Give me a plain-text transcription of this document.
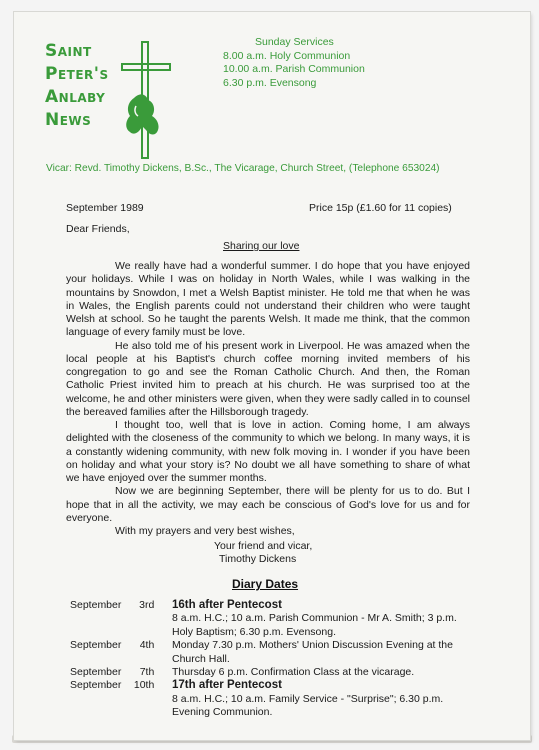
Saint
Peter's
Anlaby
News
Sunday Services
8.00 a.m. Holy Communion
10.00 a.m. Parish Communion
6.30 p.m. Evensong
Vicar: Revd. Timothy Dickens, B.Sc., The Vicarage, Church Street, (Telephone 653024)
September 1989	Price 15p (£1.60 for 11 copies)
Dear Friends,
Sharing our love

We really have had a wonderful summer. I do hope that you have enjoyed your holidays. While I was on holiday in North Wales, while I was walking in the mountains by Snowdon, I met a Welsh Baptist minister. He told me that when he was in Wales, the English parents could not understand their children who were taught Welsh at school. So he taught the parents Welsh. It made me think, that the common language of every family must be love.

He also told me of his present work in Liverpool. He was amazed when the local people at his Baptist's church coffee morning invited members of his congregation to go and see the Roman Catholic Church. And then, the Roman Catholic Priest invited him to preach at his church. He was surprised too at the welcome, he and other ministers were given, when they were sadly called in to counsel the bereaved families after the Hillsborough tragedy.

I thought too, well that is love in action. Coming home, I am always delighted with the closeness of the community to which we belong. In many ways, it is a constantly widening community, with new folk moving in. I wonder if you have been on holiday and what your story is? No doubt we all have something to share of what we have enjoyed over the summer months.

Now we are beginning September, there will be plenty for us to do. But I hope that in all the activity, we may each be conscious of God's love for us and for everyone.

With my prayers and very best wishes,

Your friend and vicar,
Timothy Dickens
Diary Dates
September 3rd	16th after Pentecost
8 a.m. H.C.; 10 a.m. Parish Communion - Mr A. Smith; 3 p.m. Holy Baptism; 6.30 p.m. Evensong.
September 4th	Monday 7.30 p.m. Mothers' Union Discussion Evening at the Church Hall.
September 7th	Thursday 6 p.m. Confirmation Class at the vicarage.
September 10th	17th after Pentecost
8 a.m. H.C.; 10 a.m. Family Service - "Surprise"; 6.30 p.m. Evening Communion.
